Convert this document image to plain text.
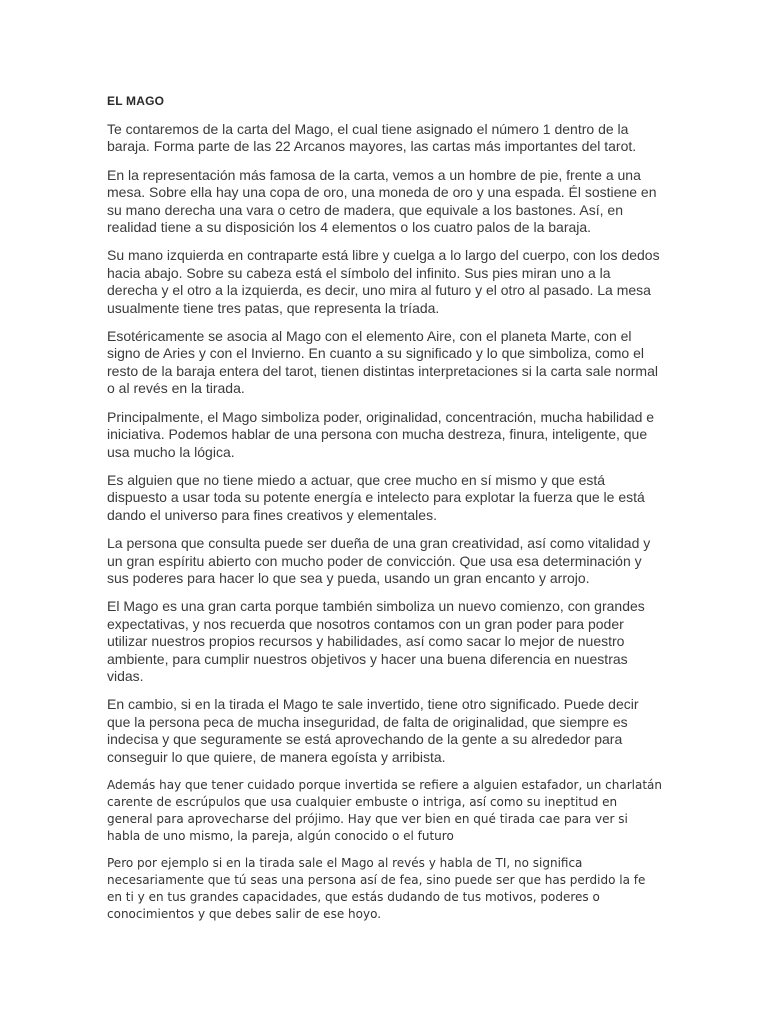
EL MAGO

Te contaremos de la carta del Mago, el cual tiene asignado el número 1 dentro de la baraja. Forma parte de las 22 Arcanos mayores, las cartas más importantes del tarot.

En la representación más famosa de la carta, vemos a un hombre de pie, frente a una mesa. Sobre ella hay una copa de oro, una moneda de oro y una espada. Él sostiene en su mano derecha una vara o cetro de madera, que equivale a los bastones. Así, en realidad tiene a su disposición los 4 elementos o los cuatro palos de la baraja.

Su mano izquierda en contraparte está libre y cuelga a lo largo del cuerpo, con los dedos hacia abajo. Sobre su cabeza está el símbolo del infinito. Sus pies miran uno a la derecha y el otro a la izquierda, es decir, uno mira al futuro y el otro al pasado. La mesa usualmente tiene tres patas, que representa la tríada.

Esotéricamente se asocia al Mago con el elemento Aire, con el planeta Marte, con el signo de Aries y con el Invierno. En cuanto a su significado y lo que simboliza, como el resto de la baraja entera del tarot, tienen distintas interpretaciones si la carta sale normal o al revés en la tirada.

Principalmente, el Mago simboliza poder, originalidad, concentración, mucha habilidad e iniciativa. Podemos hablar de una persona con mucha destreza, finura, inteligente, que usa mucho la lógica.

Es alguien que no tiene miedo a actuar, que cree mucho en sí mismo y que está dispuesto a usar toda su potente energía e intelecto para explotar la fuerza que le está dando el universo para fines creativos y elementales.

La persona que consulta puede ser dueña de una gran creatividad, así como vitalidad y un gran espíritu abierto con mucho poder de convicción. Que usa esa determinación y sus poderes para hacer lo que sea y pueda, usando un gran encanto y arrojo.

El Mago es una gran carta porque también simboliza un nuevo comienzo, con grandes expectativas, y nos recuerda que nosotros contamos con un gran poder para poder utilizar nuestros propios recursos y habilidades, así como sacar lo mejor de nuestro ambiente, para cumplir nuestros objetivos y hacer una buena diferencia en nuestras vidas.

En cambio, si en la tirada el Mago te sale invertido, tiene otro significado. Puede decir que la persona peca de mucha inseguridad, de falta de originalidad, que siempre es indecisa y que seguramente se está aprovechando de la gente a su alrededor para conseguir lo que quiere, de manera egoísta y arribista.

Además hay que tener cuidado porque invertida se refiere a alguien estafador, un charlatán carente de escrúpulos que usa cualquier embuste o intriga, así como su ineptitud en general para aprovecharse del prójimo. Hay que ver bien en qué tirada cae para ver si habla de uno mismo, la pareja, algún conocido o el futuro

Pero por ejemplo si en la tirada sale el Mago al revés y habla de TI, no significa necesariamente que tú seas una persona así de fea, sino puede ser que has perdido la fe en ti y en tus grandes capacidades, que estás dudando de tus motivos, poderes o conocimientos y que debes salir de ese hoyo.
